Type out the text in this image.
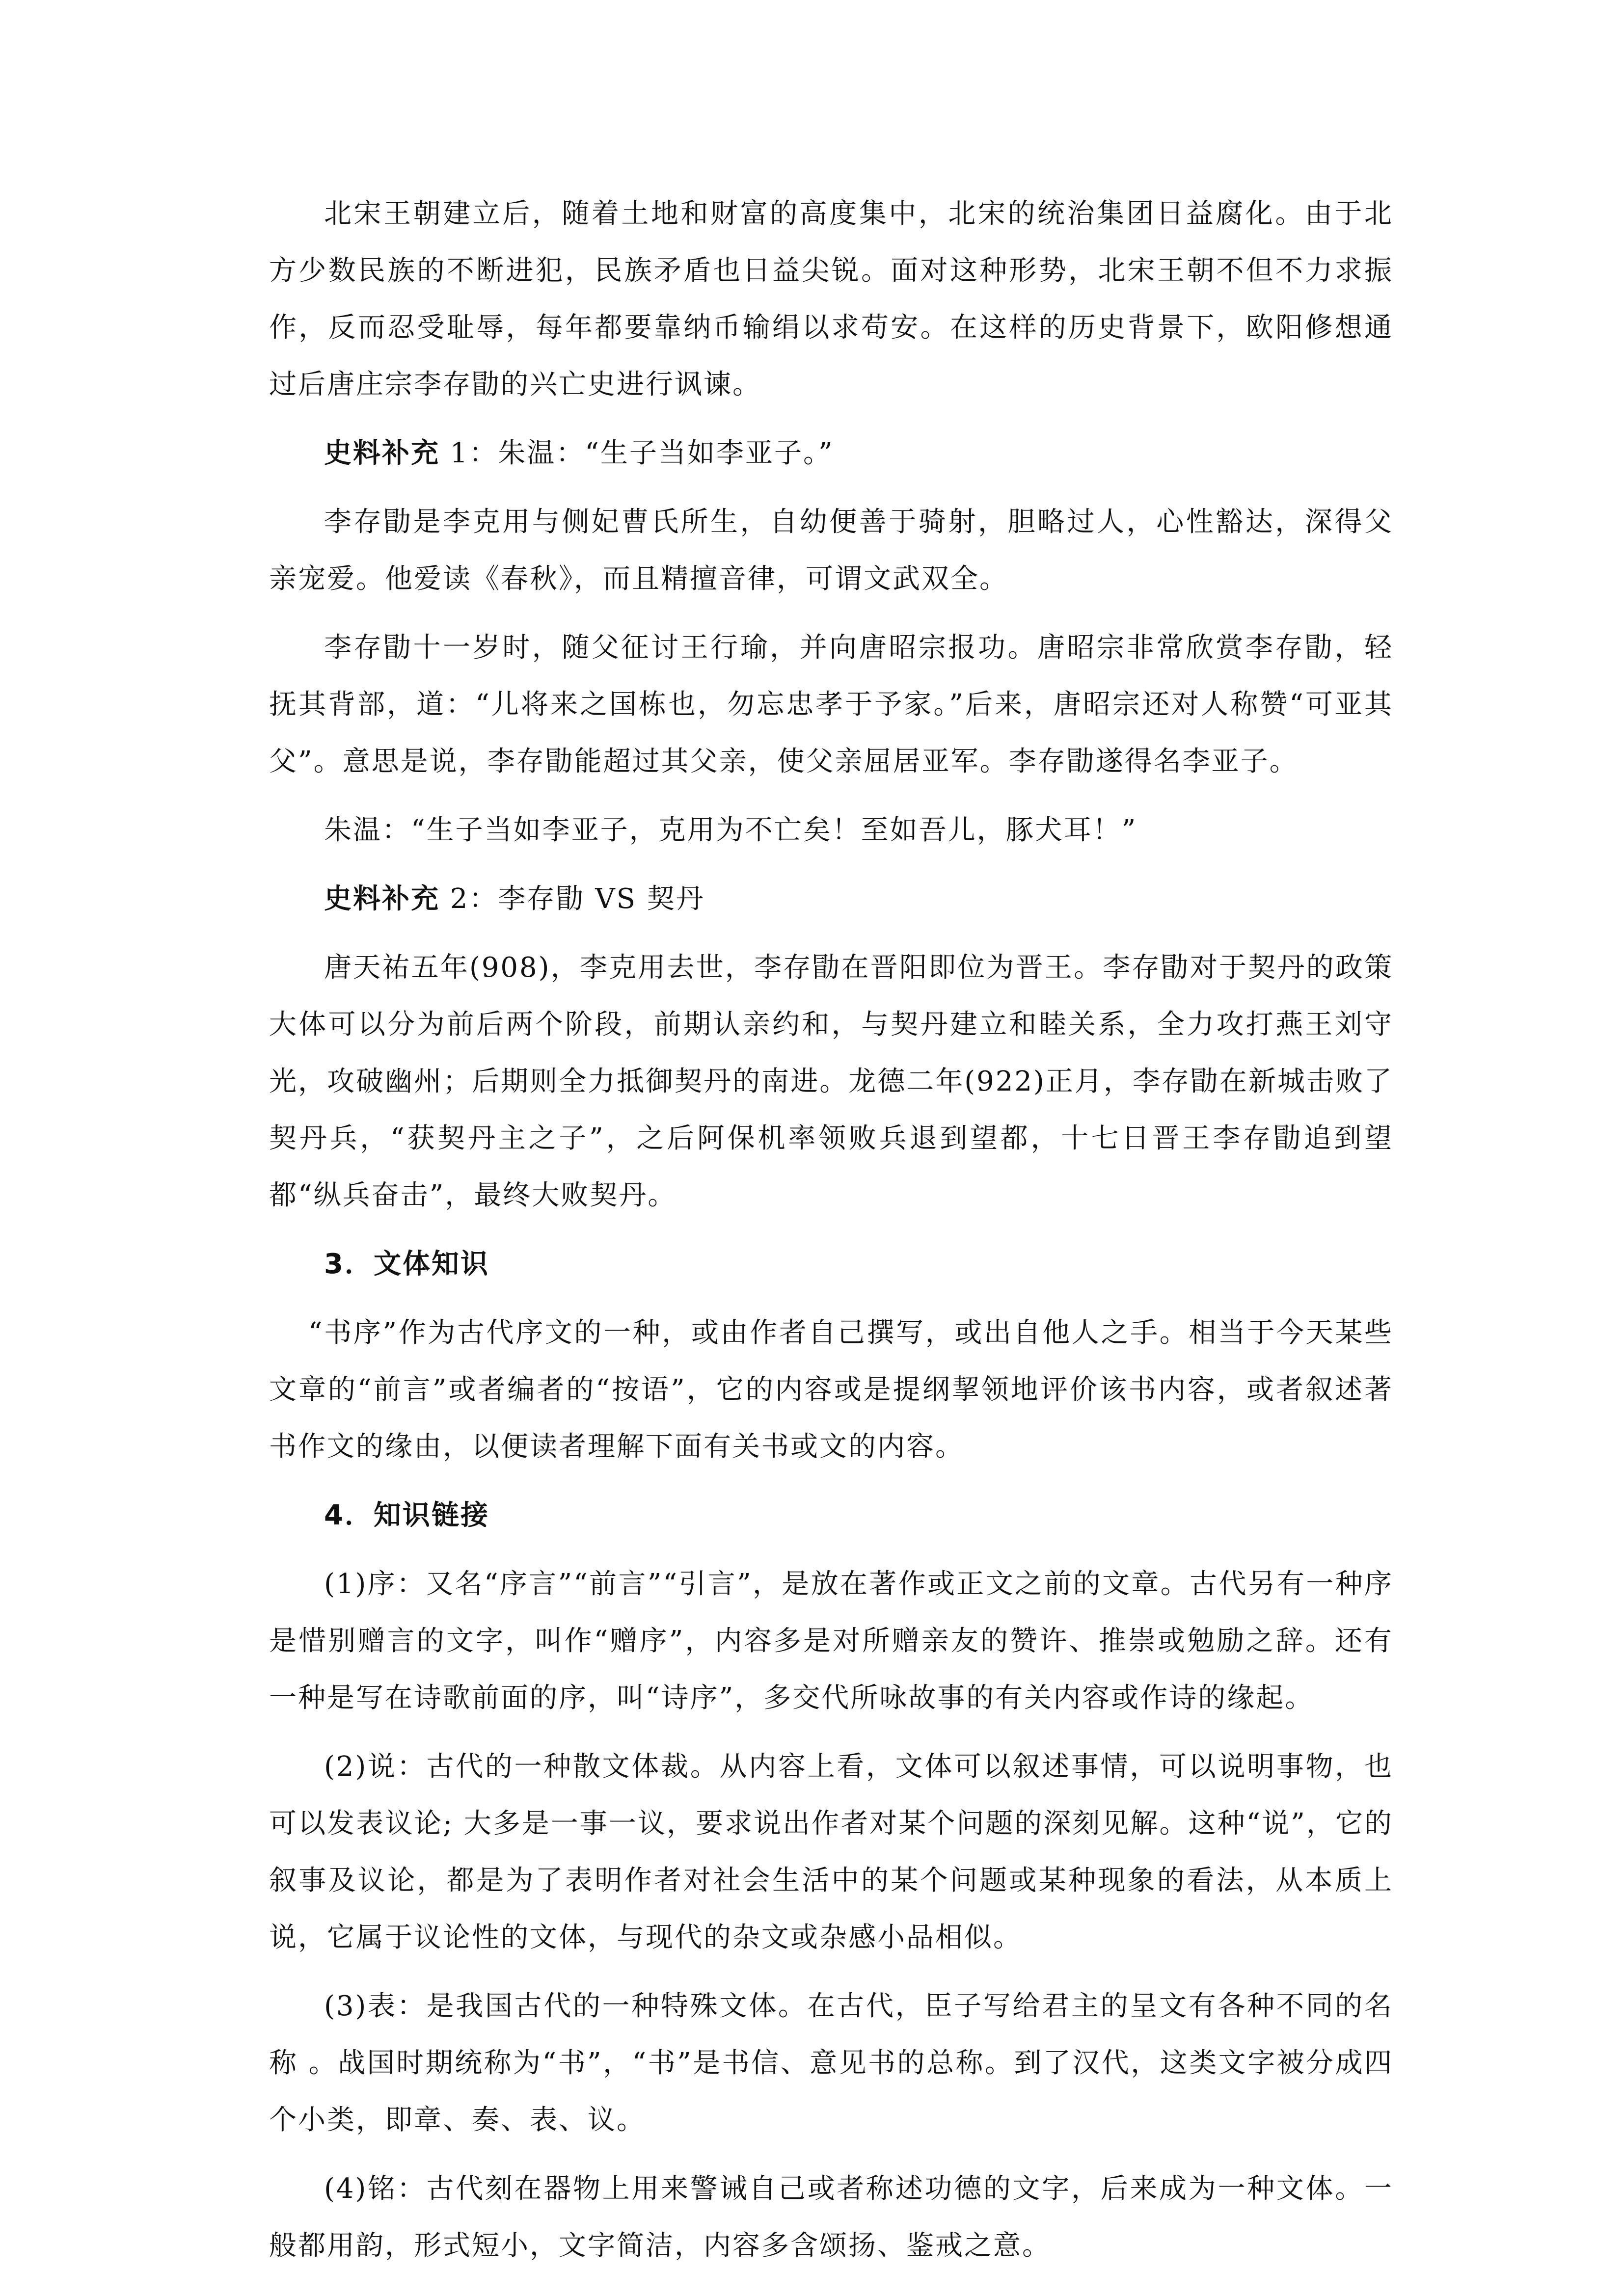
北宋王朝建立后，随着土地和财富的高度集中，北宋的统治集团日益腐化。由于北方少数民族的不断进犯，民族矛盾也日益尖锐。面对这种形势，北宋王朝不但不力求振作，反而忍受耻辱，每年都要靠纳币输绢以求苟安。在这样的历史背景下，欧阳修想通过后唐庄宗李存勖的兴亡史进行讽谏。

史料补充 1：朱温：“生子当如李亚子。”

李存勖是李克用与侧妃曹氏所生，自幼便善于骑射，胆略过人，心性豁达，深得父亲宠爱。他爱读《春秋》，而且精擅音律，可谓文武双全。

李存勖十一岁时，随父征讨王行瑜，并向唐昭宗报功。唐昭宗非常欣赏李存勖，轻抚其背部，道：“儿将来之国栋也，勿忘忠孝于予家。”后来，唐昭宗还对人称赞“可亚其父”。意思是说，李存勖能超过其父亲，使父亲屈居亚军。李存勖遂得名李亚子。

朱温：“生子当如李亚子，克用为不亡矣！至如吾儿，豚犬耳！”

史料补充 2：李存勖 VS 契丹

唐天祐五年(908)，李克用去世，李存勖在晋阳即位为晋王。李存勖对于契丹的政策大体可以分为前后两个阶段，前期认亲约和，与契丹建立和睦关系，全力攻打燕王刘守光，攻破幽州；后期则全力抵御契丹的南进。龙德二年(922)正月，李存勖在新城击败了契丹兵，“获契丹主之子”，之后阿保机率领败兵退到望都，十七日晋王李存勖追到望都“纵兵奋击”，最终大败契丹。

3．文体知识

“书序”作为古代序文的一种，或由作者自己撰写，或出自他人之手。相当于今天某些文章的“前言”或者编者的“按语”，它的内容或是提纲挈领地评价该书内容，或者叙述著书作文的缘由，以便读者理解下面有关书或文的内容。

4．知识链接

(1)序：又名“序言”“前言”“引言”，是放在著作或正文之前的文章。古代另有一种序是惜别赠言的文字，叫作“赠序”，内容多是对所赠亲友的赞许、推崇或勉励之辞。还有一种是写在诗歌前面的序，叫“诗序”，多交代所咏故事的有关内容或作诗的缘起。

(2)说：古代的一种散文体裁。从内容上看，文体可以叙述事情，可以说明事物，也可以发表议论; 大多是一事一议，要求说出作者对某个问题的深刻见解。这种“说”，它的叙事及议论，都是为了表明作者对社会生活中的某个问题或某种现象的看法，从本质上说，它属于议论性的文体，与现代的杂文或杂感小品相似。

(3)表：是我国古代的一种特殊文体。在古代，臣子写给君主的呈文有各种不同的名称 。战国时期统称为“书”，“书”是书信、意见书的总称。到了汉代，这类文字被分成四个小类，即章、奏、表、议。

(4)铭：古代刻在器物上用来警诫自己或者称述功德的文字，后来成为一种文体。一般都用韵，形式短小，文字简洁，内容多含颂扬、鉴戒之意。
